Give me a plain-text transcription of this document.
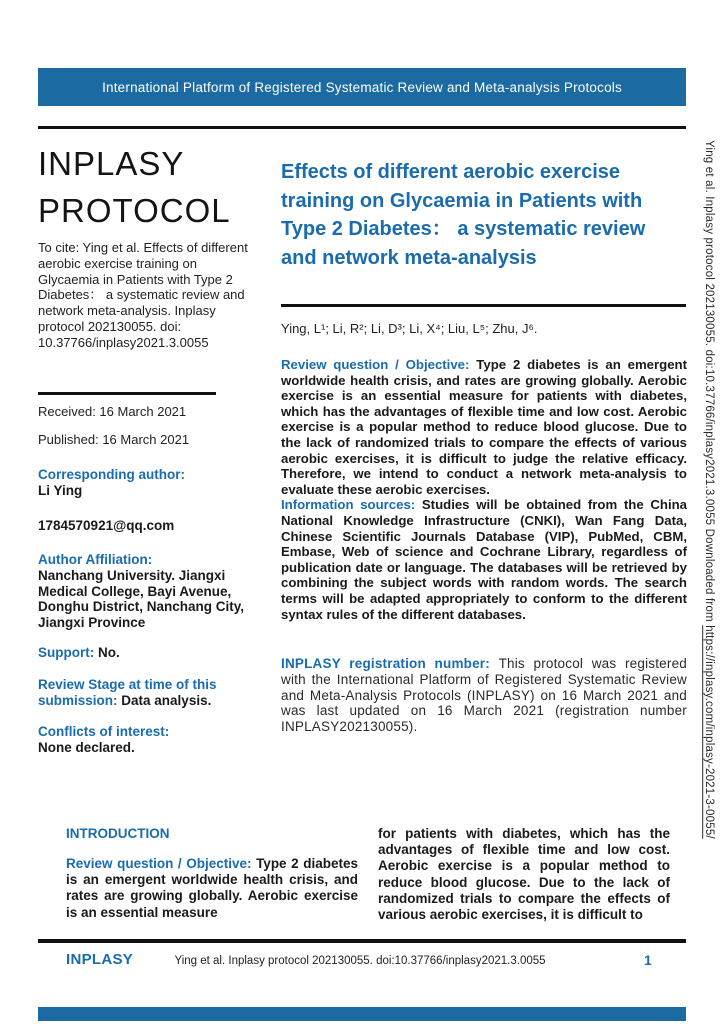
International Platform of Registered Systematic Review and Meta-analysis Protocols
INPLASY
PROTOCOL
To cite: Ying et al. Effects of different aerobic exercise training on Glycaemia in Patients with Type 2 Diabetes： a systematic review and network meta-analysis. Inplasy protocol 202130055. doi: 10.37766/inplasy2021.3.0055
Received: 16 March 2021
Published: 16 March 2021
Corresponding author:
Li Ying
1784570921@qq.com
Author Affiliation:
Nanchang University. Jiangxi Medical College, Bayi Avenue, Donghu District, Nanchang City, Jiangxi Province
Support: No.
Review Stage at time of this submission: Data analysis.
Conflicts of interest:
None declared.
Effects of different aerobic exercise training on Glycaemia in Patients with Type 2 Diabetes： a systematic review and network meta-analysis
Ying, L¹; Li, R²; Li, D³; Li, X⁴; Liu, L⁵; Zhu, J⁶.

Review question / Objective: Type 2 diabetes is an emergent worldwide health crisis, and rates are growing globally. Aerobic exercise is an essential measure for patients with diabetes, which has the advantages of flexible time and low cost. Aerobic exercise is a popular method to reduce blood glucose. Due to the lack of randomized trials to compare the effects of various aerobic exercises, it is difficult to judge the relative efficacy. Therefore, we intend to conduct a network meta-analysis to evaluate these aerobic exercises.

Information sources: Studies will be obtained from the China National Knowledge Infrastructure (CNKI), Wan Fang Data, Chinese Scientific Journals Database (VIP), PubMed, CBM, Embase, Web of science and Cochrane Library, regardless of publication date or language. The databases will be retrieved by combining the subject words with random words. The search terms will be adapted appropriately to conform to the different syntax rules of the different databases.

INPLASY registration number: This protocol was registered with the International Platform of Registered Systematic Review and Meta-Analysis Protocols (INPLASY) on 16 March 2021 and was last updated on 16 March 2021 (registration number INPLASY202130055).

INTRODUCTION
Review question / Objective: Type 2 diabetes is an emergent worldwide health crisis, and rates are growing globally. Aerobic exercise is an essential measure
for patients with diabetes, which has the advantages of flexible time and low cost. Aerobic exercise is a popular method to reduce blood glucose. Due to the lack of randomized trials to compare the effects of various aerobic exercises, it is difficult to
INPLASY	Ying et al. Inplasy protocol 202130055. doi:10.37766/inplasy2021.3.0055	1
Ying et al. Inplasy protocol 202130055. doi:10.37766/inplasy2021.3.0055 Downloaded from https://inplasy.com/inplasy-2021-3-0055/
